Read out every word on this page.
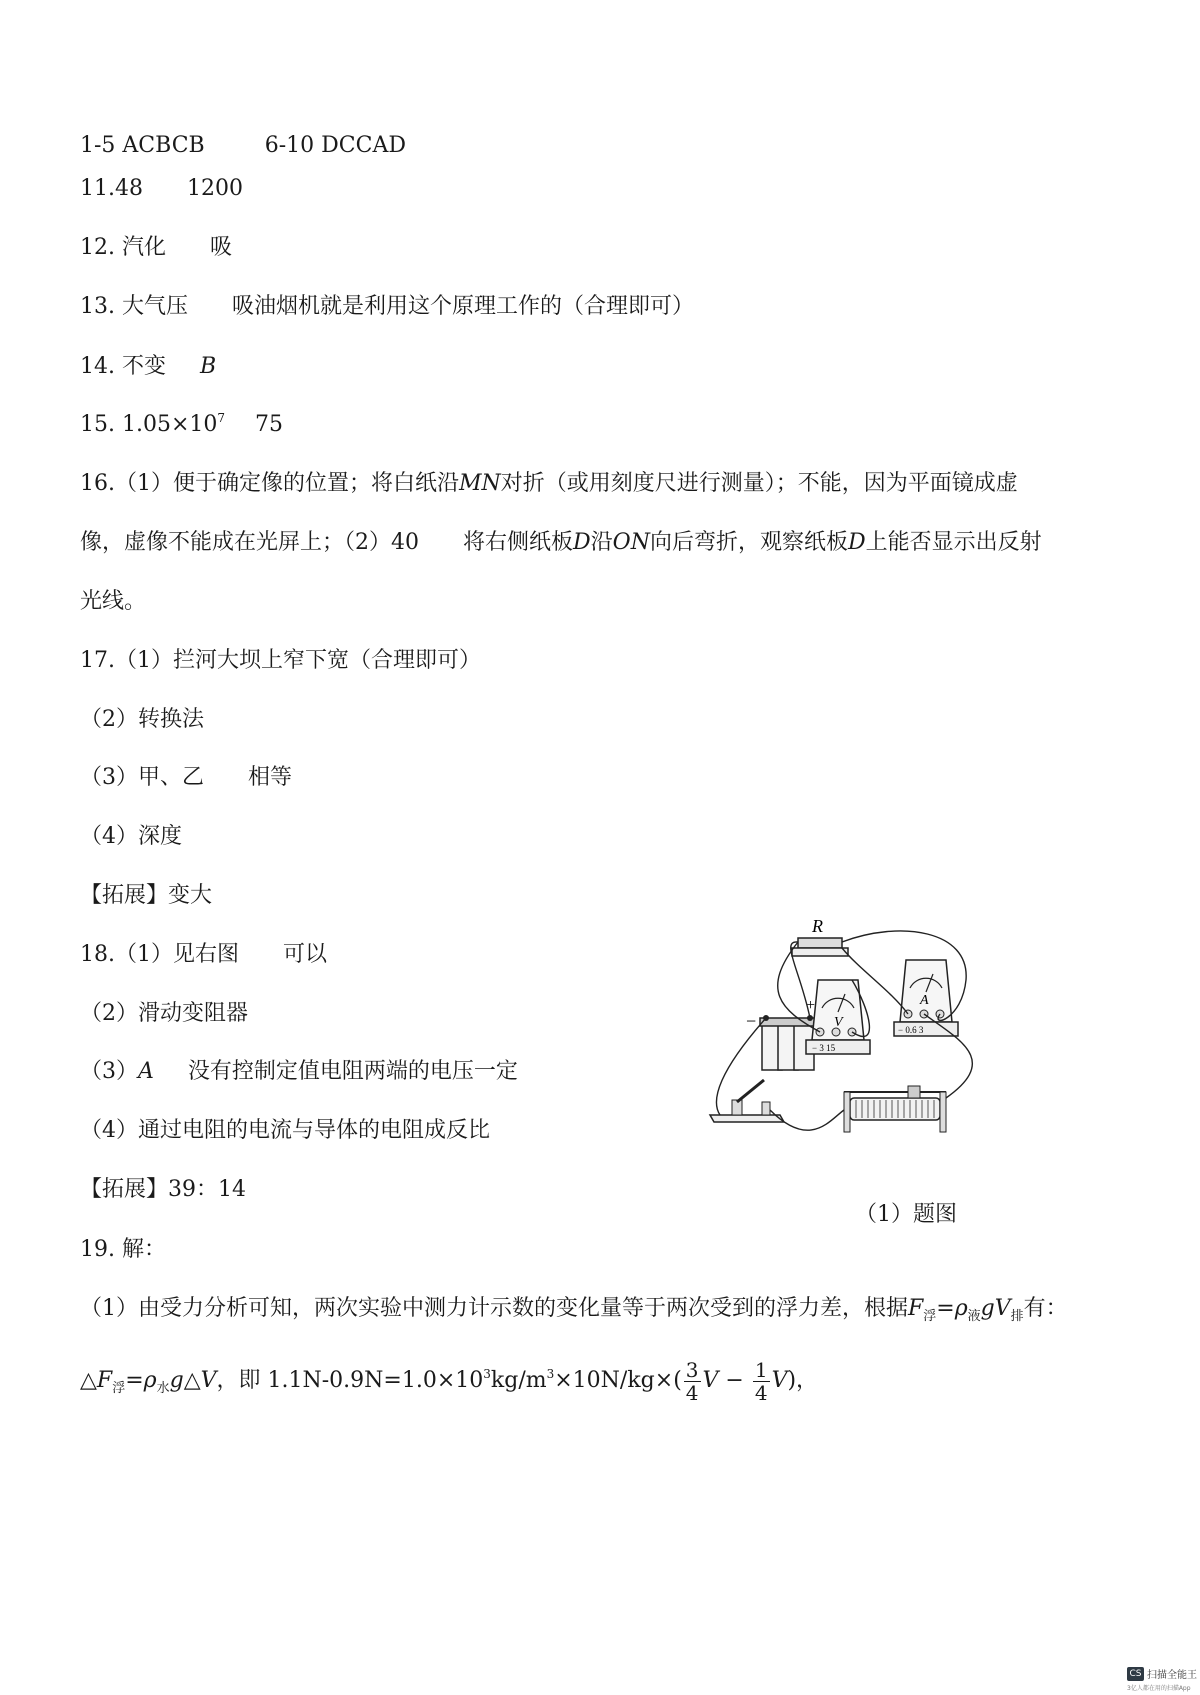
1-5 ACBCB	6-10 DCCAD
11.48　　1200
12. 汽化　　吸
13. 大气压　　吸油烟机就是利用这个原理工作的（合理即可）
14. 不变 B
15. $1.05\times 10^7$ 75
16.（1）便于确定像的位置；将白纸沿MN对折（或用刻度尺进行测量）；不能，因为平面镜成虚
像，虚像不能成在光屏上；（2）40　　将右侧纸板D沿ON向后弯折，观察纸板D上能否显示出反射
光线。
17.（1）拦河大坝上窄下宽（合理即可）
（2）转换法
（3）甲、乙　　相等
（4）深度
【拓展】变大
18.（1）见右图　　可以
（2）滑动变阻器
（3）A 没有控制定值电阻两端的电压一定
（4）通过电阻的电流与导体的电阻成反比
【拓展】39：14
19. 解：
（1）由受力分析可知，两次实验中测力计示数的变化量等于两次受到的浮力差，根据$F_浮=\rho_液gV_排$有：
$\triangle F_浮=\rho_水g\triangle V$，即 $1.1N-0.9N=1.0\times 10^3kg/m^3\times 10N/kg\times( \frac{3}{4}$ $V - \frac{1}{4} V$)，
−
+
R
V
− 3 15
A
− 0.6 3
（1）题图
CS 扫描全能王
3亿人都在用的扫描App
